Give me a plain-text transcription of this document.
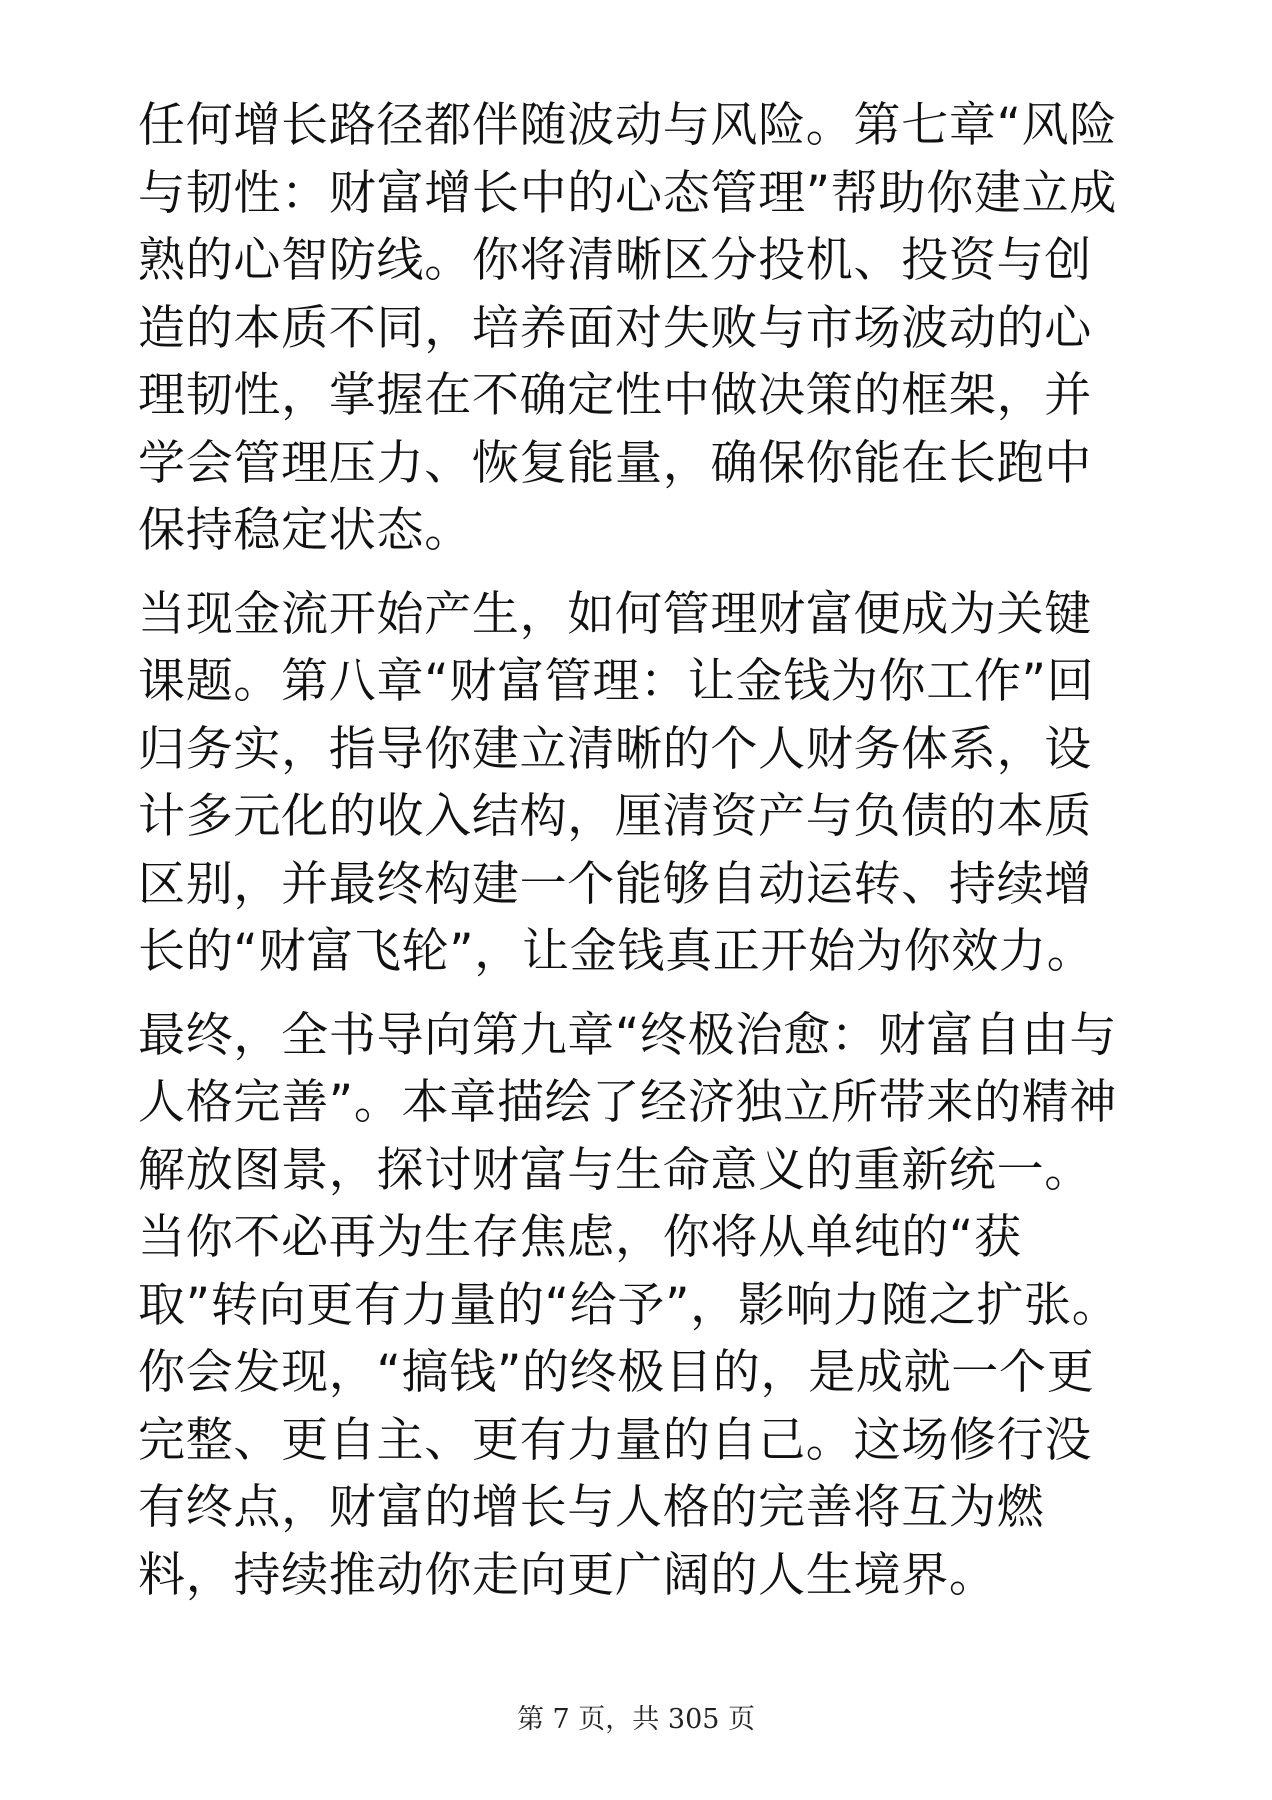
任何增长路径都伴随波动与风险。第七章“风险与韧性：财富增长中的心态管理”帮助你建立成熟的心智防线。你将清晰区分投机、投资与创造的本质不同，培养面对失败与市场波动的心理韧性，掌握在不确定性中做决策的框架，并学会管理压力、恢复能量，确保你能在长跑中保持稳定状态。

当现金流开始产生，如何管理财富便成为关键课题。第八章“财富管理：让金钱为你工作”回归务实，指导你建立清晰的个人财务体系，设计多元化的收入结构，厘清资产与负债的本质区别，并最终构建一个能够自动运转、持续增长的“财富飞轮”，让金钱真正开始为你效力。

最终，全书导向第九章“终极治愈：财富自由与人格完善”。本章描绘了经济独立所带来的精神解放图景，探讨财富与生命意义的重新统一。当你不必再为生存焦虑，你将从单纯的“获取”转向更有力量的“给予”，影响力随之扩张。你会发现，“搞钱”的终极目的，是成就一个更完整、更自主、更有力量的自己。这场修行没有终点，财富的增长与人格的完善将互为燃料，持续推动你走向更广阔的人生境界。

第 7 页，共 305 页
